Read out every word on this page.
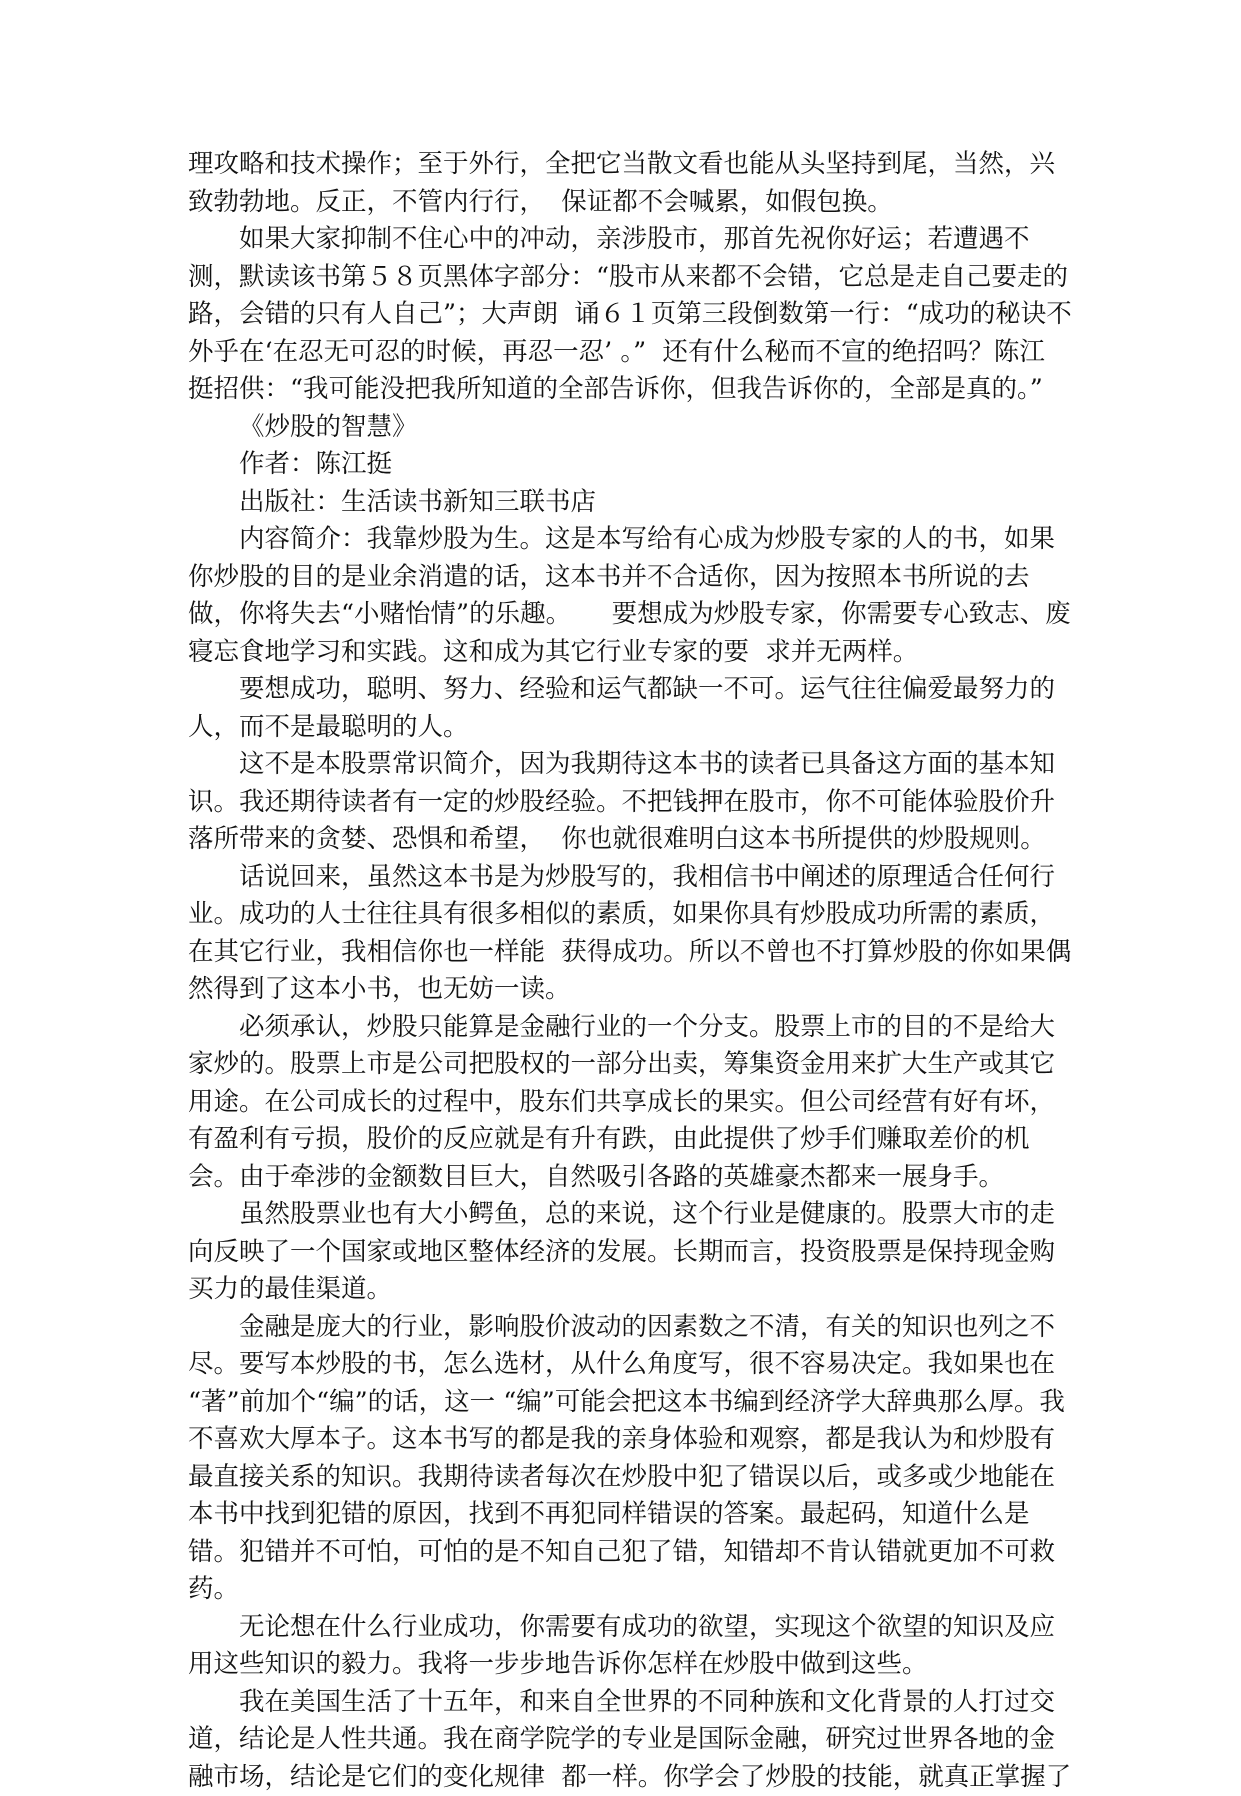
理攻略和技术操作；至于外行，全把它当散文看也能从头坚持到尾，当然，兴
致勃勃地。反正，不管内行行，  保证都不会喊累，如假包换。
如果大家抑制不住心中的冲动，亲涉股市，那首先祝你好运；若遭遇不
测，默读该书第５８页黑体字部分：“股市从来都不会错，它总是走自己要走的
路，会错的只有人自己”；大声朗  诵６１页第三段倒数第一行：“成功的秘诀不
外乎在‘在忍无可忍的时候，再忍一忍’ 。”  还有什么秘而不宣的绝招吗？陈江
挺招供：“我可能没把我所知道的全部告诉你，但我告诉你的，全部是真的。”
《炒股的智慧》
作者：陈江挺
出版社：生活读书新知三联书店
内容简介：我靠炒股为生。这是本写给有心成为炒股专家的人的书，如果
你炒股的目的是业余消遣的话，这本书并不合适你，因为按照本书所说的去
做，你将失去“小赌怡情”的乐趣。     要想成为炒股专家，你需要专心致志、废
寝忘食地学习和实践。这和成为其它行业专家的要  求并无两样。
要想成功，聪明、努力、经验和运气都缺一不可。运气往往偏爱最努力的
人，而不是最聪明的人。
这不是本股票常识简介，因为我期待这本书的读者已具备这方面的基本知
识。我还期待读者有一定的炒股经验。不把钱押在股市，你不可能体验股价升
落所带来的贪婪、恐惧和希望，  你也就很难明白这本书所提供的炒股规则。
话说回来，虽然这本书是为炒股写的，我相信书中阐述的原理适合任何行
业。成功的人士往往具有很多相似的素质，如果你具有炒股成功所需的素质，
在其它行业，我相信你也一样能  获得成功。所以不曾也不打算炒股的你如果偶
然得到了这本小书，也无妨一读。
必须承认，炒股只能算是金融行业的一个分支。股票上市的目的不是给大
家炒的。股票上市是公司把股权的一部分出卖，筹集资金用来扩大生产或其它
用途。在公司成长的过程中，股东们共享成长的果实。但公司经营有好有坏，
有盈利有亏损，股价的反应就是有升有跌，由此提供了炒手们赚取差价的机
会。由于牵涉的金额数目巨大，自然吸引各路的英雄豪杰都来一展身手。
虽然股票业也有大小鳄鱼，总的来说，这个行业是健康的。股票大市的走
向反映了一个国家或地区整体经济的发展。长期而言，投资股票是保持现金购
买力的最佳渠道。
金融是庞大的行业，影响股价波动的因素数之不清，有关的知识也列之不
尽。要写本炒股的书，怎么选材，从什么角度写，很不容易决定。我如果也在
“著”前加个“编”的话，这一 “编”可能会把这本书编到经济学大辞典那么厚。我
不喜欢大厚本子。这本书写的都是我的亲身体验和观察，都是我认为和炒股有
最直接关系的知识。我期待读者每次在炒股中犯了错误以后，或多或少地能在
本书中找到犯错的原因，找到不再犯同样错误的答案。最起码，知道什么是
错。犯错并不可怕，可怕的是不知自己犯了错，知错却不肯认错就更加不可救
药。
无论想在什么行业成功，你需要有成功的欲望，实现这个欲望的知识及应
用这些知识的毅力。我将一步步地告诉你怎样在炒股中做到这些。
我在美国生活了十五年，和来自全世界的不同种族和文化背景的人打过交
道，结论是人性共通。我在商学院学的专业是国际金融，研究过世界各地的金
融市场，结论是它们的变化规律  都一样。你学会了炒股的技能，就真正掌握了
